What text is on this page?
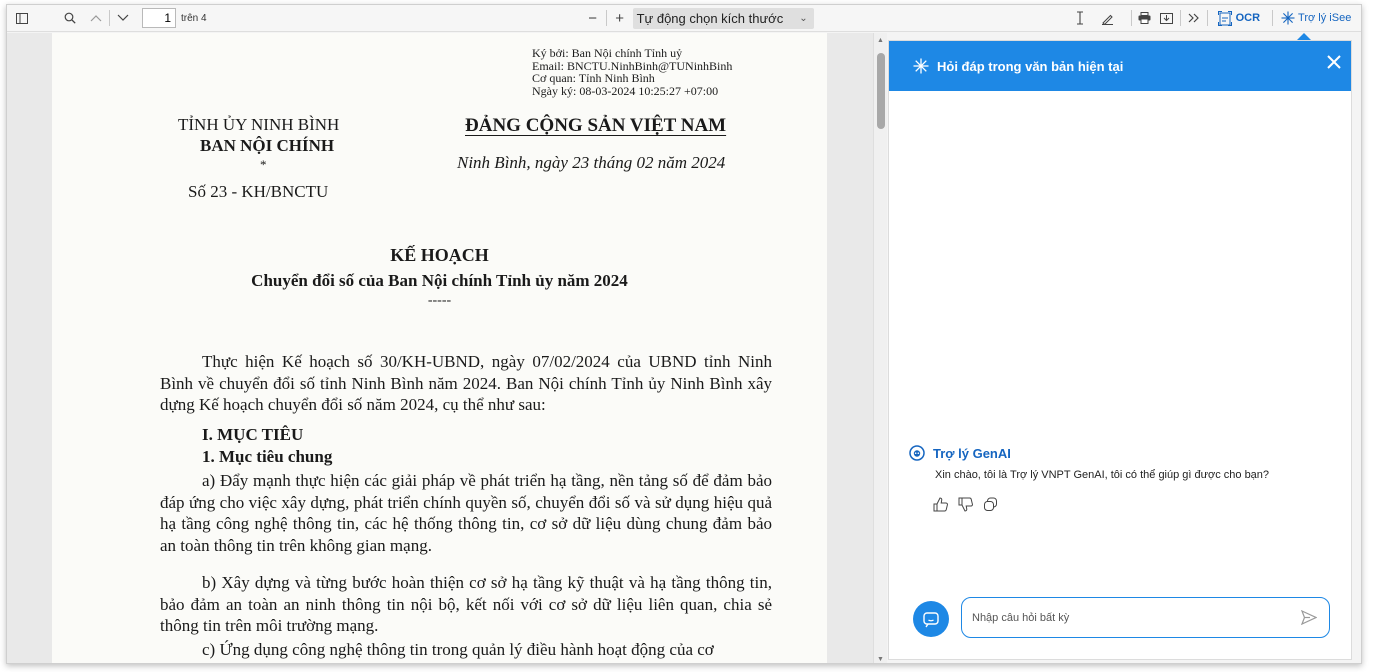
1
trên 4	−	+ Tự động chọn kích thước ⌄	OCR	Trợ lý iSee
Ký bởi: Ban Nội chính Tỉnh uỷ
Email: BNCTU.NinhBinh@TUNinhBinh
Cơ quan: Tỉnh Ninh Bình
Ngày ký: 08-03-2024 10:25:27 +07:00
TỈNH ỦY NINH BÌNH
BAN NỘI CHÍNH
*
ĐẢNG CỘNG SẢN VIỆT NAM
Ninh Bình, ngày 23 tháng 02 năm 2024
Số 23 - KH/BNCTU
KẾ HOẠCH
Chuyển đổi số của Ban Nội chính Tỉnh ủy năm 2024
-----
Thực hiện Kế hoạch số 30/KH-UBND, ngày 07/02/2024 của UBND tỉnh Ninh Bình về chuyển đổi số tỉnh Ninh Bình năm 2024. Ban Nội chính Tỉnh ủy Ninh Bình xây dựng Kế hoạch chuyển đổi số năm 2024, cụ thể như sau:
I. MỤC TIÊU
1. Mục tiêu chung
a) Đẩy mạnh thực hiện các giải pháp về phát triển hạ tầng, nền tảng số để đảm bảo đáp ứng cho việc xây dựng, phát triển chính quyền số, chuyển đổi số và sử dụng hiệu quả hạ tầng công nghệ thông tin, các hệ thống thông tin, cơ sở dữ liệu dùng chung đảm bảo an toàn thông tin trên không gian mạng.
b) Xây dựng và từng bước hoàn thiện cơ sở hạ tầng kỹ thuật và hạ tầng thông tin, bảo đảm an toàn an ninh thông tin nội bộ, kết nối với cơ sở dữ liệu liên quan, chia sẻ thông tin trên môi trường mạng.
c) Ứng dụng công nghệ thông tin trong quản lý điều hành hoạt động của cơ
▲
▼
Hỏi đáp trong văn bản hiện tại
Trợ lý GenAI
Xin chào, tôi là Trợ lý VNPT GenAI, tôi có thể giúp gì được cho bạn?
Nhập câu hỏi bất kỳ
